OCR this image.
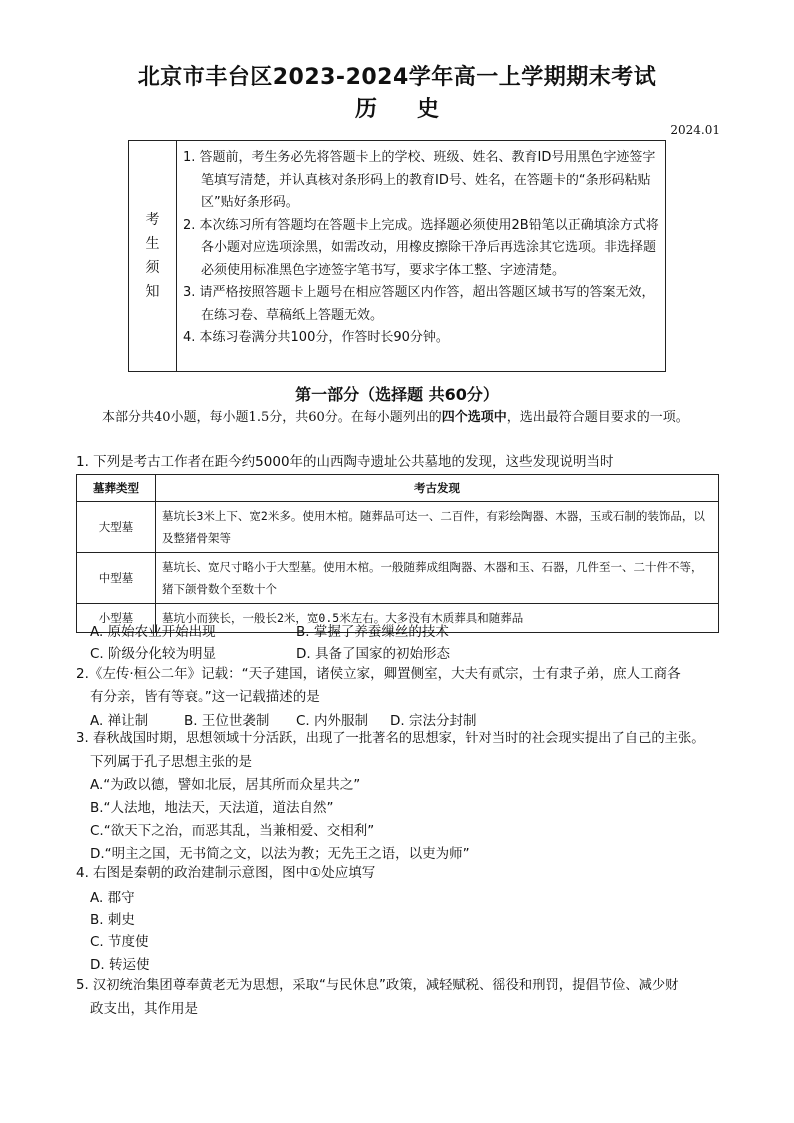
北京市丰台区2023-2024学年高一上学期期末考试
历史
2024.01
考
生
须
知
1. 答题前，考生务必先将答题卡上的学校、班级、姓名、教育ID号用黑色字迹签字笔填写清楚，并认真核对条形码上的教育ID号、姓名，在答题卡的“条形码粘贴区”贴好条形码。
2. 本次练习所有答题均在答题卡上完成。选择题必须使用2B铅笔以正确填涂方式将各小题对应选项涂黑，如需改动，用橡皮擦除干净后再选涂其它选项。非选择题必须使用标准黑色字迹签字笔书写，要求字体工整、字迹清楚。
3. 请严格按照答题卡上题号在相应答题区内作答，超出答题区域书写的答案无效，在练习卷、草稿纸上答题无效。
4. 本练习卷满分共100分，作答时长90分钟。
第一部分（选择题 共60分）
本部分共40小题，每小题1.5分，共60分。在每小题列出的四个选项中，选出最符合题目要求的一项。
1. 下列是考古工作者在距今约5000年的山西陶寺遗址公共墓地的发现，这些发现说明当时
墓葬类型	考古发现
大型墓	墓坑长3米上下、宽2米多。使用木棺。随葬品可达一、二百件，有彩绘陶器、木器，玉或石制的装饰品，以及整猪骨架等
中型墓	墓坑长、宽尺寸略小于大型墓。使用木棺。一般随葬成组陶器、木器和玉、石器，几件至一、二十件不等，猪下颌骨数个至数十个
小型墓	墓坑小而狭长，一般长2米，宽0.5米左右。大多没有木质葬具和随葬品
A. 原始农业开始出现	B. 掌握了养蚕缫丝的技术
C. 阶级分化较为明显	D. 具备了国家的初始形态
2.《左传·桓公二年》记载：“天子建国，诸侯立家，卿置侧室，大夫有贰宗，士有隶子弟，庶人工商各
有分亲，皆有等衰。”这一记载描述的是
A. 禅让制	B. 王位世袭制 C. 内外服制 D. 宗法分封制
3. 春秋战国时期，思想领域十分活跃，出现了一批著名的思想家，针对当时的社会现实提出了自己的主张。
下列属于孔子思想主张的是
A.“为政以德，譬如北辰，居其所而众星共之”
B.“人法地，地法天，天法道，道法自然”
C.“欲天下之治，而恶其乱，当兼相爱、交相利”
D.“明主之国，无书简之文，以法为教；无先王之语，以吏为师”
4. 右图是秦朝的政治建制示意图，图中①处应填写
A. 郡守
B. 刺史
C. 节度使
D. 转运使
5. 汉初统治集团尊奉黄老无为思想，采取“与民休息”政策，减轻赋税、徭役和刑罚，提倡节俭、减少财
政支出，其作用是
